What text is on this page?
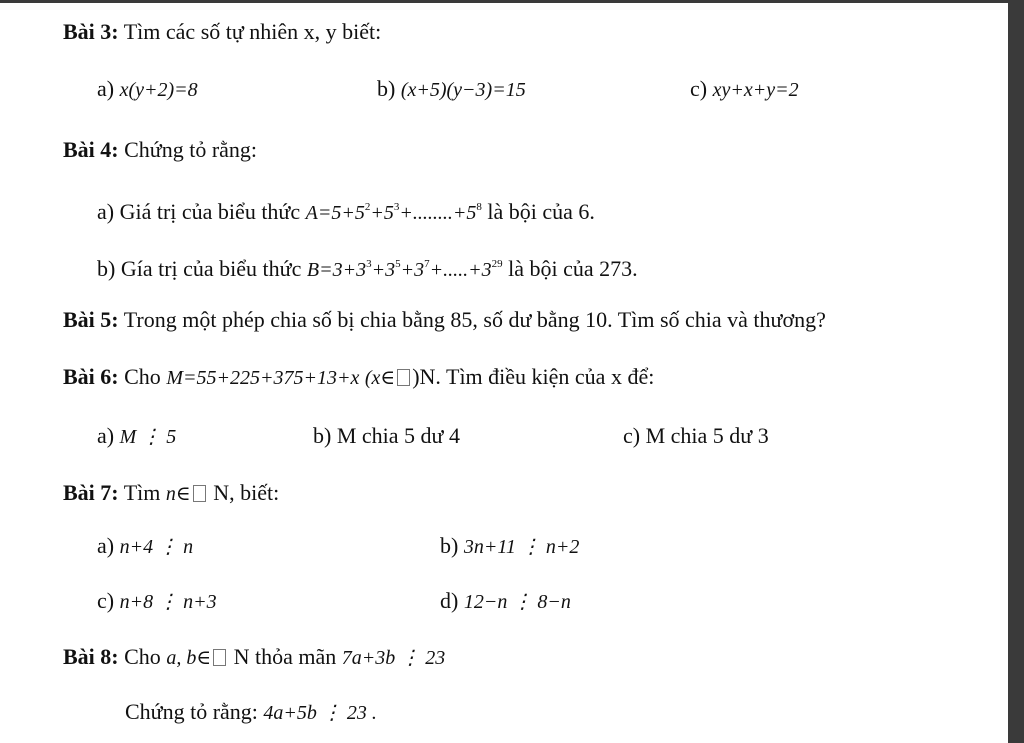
Bài 3: Tìm các số tự nhiên x, y biết:
a) x(y+2)=8	b) (x+5)(y−3)=15	c) xy+x+y=2
Bài 4: Chứng tỏ rằng:
a) Giá trị của biểu thức $A=5+5^2+5^3+........+5^8$ là bội của 6.
b) Gía trị của biểu thức $B=3+3^3+3^5+3^7+.....+3^{29}$ là bội của 273.
Bài 5: Trong một phép chia số bị chia bằng 85, số dư bằng 10. Tìm số chia và thương?
Bài 6: Cho M=55+225+375+13+x (x∈ )N. Tìm điều kiện của x để:
a) M ⋮ 5	b) M chia 5 dư 4	c) M chia 5 dư 3
Bài 7: Tìm n∈ N, biết:
a) n+4 ⋮ n	b) 3n+11 ⋮ n+2
c) n+8 ⋮ n+3	d) 12−n ⋮ 8−n
Bài 8: Cho a, b∈ N thỏa mãn 7a+3b ⋮ 23
Chứng tỏ rằng: 4a+5b ⋮ 23 .
